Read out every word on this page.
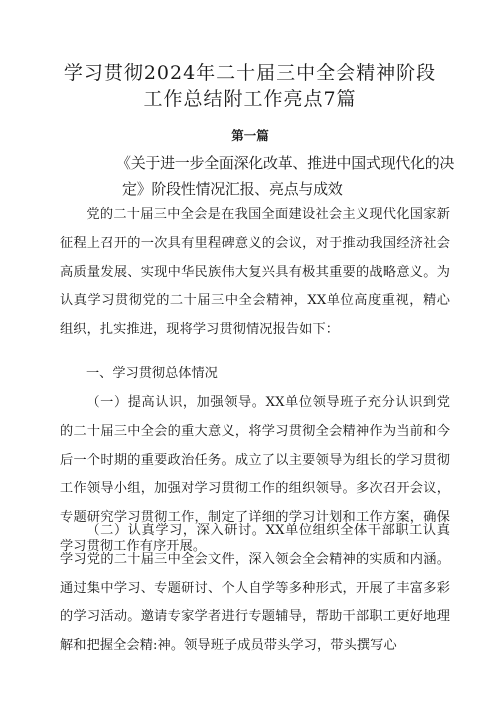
学习贯彻2024年二十届三中全会精神阶段
工作总结附工作亮点7篇
第一篇
《关于进一步全面深化改革、推进中国式现代化的决
定》阶段性情况汇报、亮点与成效
党的二十届三中全会是在我国全面建设社会主义现代化国家新征程上召开的一次具有里程碑意义的会议，对于推动我国经济社会高质量发展、实现中华民族伟大复兴具有极其重要的战略意义。为认真学习贯彻党的二十届三中全会精神，XX单位高度重视，精心组织，扎实推进，现将学习贯彻情况报告如下：
一、学习贯彻总体情况
（一）提高认识，加强领导。XX单位领导班子充分认识到党的二十届三中全会的重大意义，将学习贯彻全会精神作为当前和今后一个时期的重要政治任务。成立了以主要领导为组长的学习贯彻工作领导小组，加强对学习贯彻工作的组织领导。多次召开会议，专题研究学习贯彻工作，制定了详细的学习计划和工作方案，确保学习贯彻工作有序开展。
（二）认真学习，深入研讨。XX单位组织全体干部职工认真学习党的二十届三中全会文件，深入领会全会精神的实质和内涵。通过集中学习、专题研讨、个人自学等多种形式，开展了丰富多彩的学习活动。邀请专家学者进行专题辅导，帮助干部职工更好地理解和把握全会精:神。领导班子成员带头学习，带头撰写心
